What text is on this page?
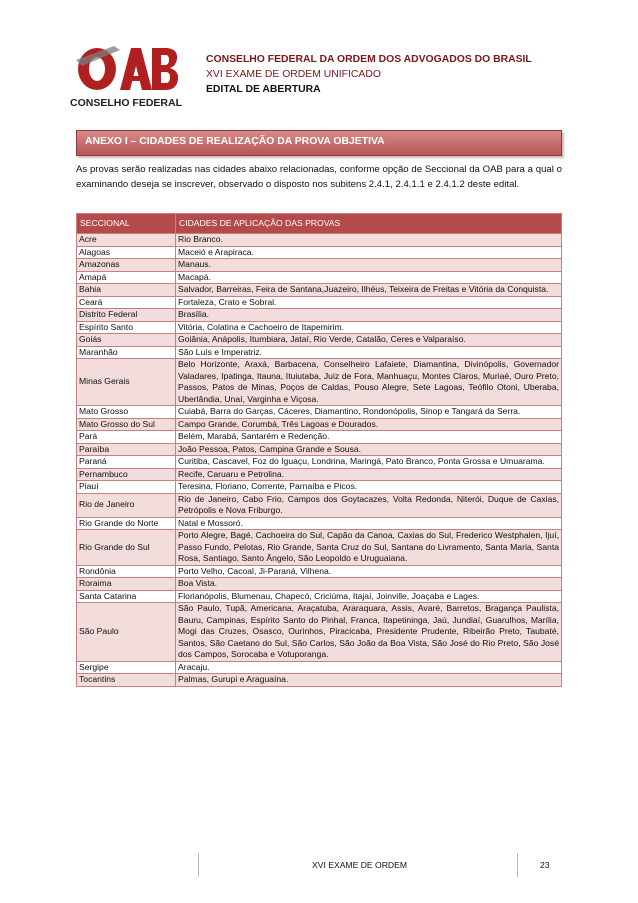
CONSELHO FEDERAL
CONSELHO FEDERAL DA ORDEM DOS ADVOGADOS DO BRASIL
XVI EXAME DE ORDEM UNIFICADO
EDITAL DE ABERTURA
ANEXO I – CIDADES DE REALIZAÇÃO DA PROVA OBJETIVA
As provas serão realizadas nas cidades abaixo relacionadas, conforme opção de Seccional da OAB para a qual o examinando deseja se inscrever, observado o disposto nos subitens 2.4.1, 2.4.1.1 e 2.4.1.2 deste edital.
SECCIONAL	CIDADES DE APLICAÇÃO DAS PROVAS
Acre	Rio Branco.
Alagoas	Maceió e Arapiraca.
Amazonas	Manaus.
Amapá	Macapá.
Bahia	Salvador, Barreiras, Feira de Santana,Juazeiro, Ilhéus, Teixeira de Freitas e Vitória da Conquista.
Ceará	Fortaleza, Crato e Sobral.
Distrito Federal	Brasília.
Espírito Santo	Vitória, Colatina e Cachoeiro de Itapemirim.
Goiás	Goiânia, Anápolis, Itumbiara, Jataí, Rio Verde, Catalão, Ceres e Valparaíso.
Maranhão	São Luís e Imperatriz.
Minas Gerais	Belo Horizonte, Araxá, Barbacena, Conselheiro Lafaiete, Diamantina, Divinópolis, Governador Valadares, Ipatinga, Itauna, Ituiutaba, Juiz de Fora, Manhuaçu, Montes Claros, Muriaé, Ouro Preto, Passos, Patos de Minas, Poços de Caldas, Pouso Alegre, Sete Lagoas, Teófilo Otoni, Uberaba, Uberlândia, Unaí, Varginha e Viçosa.
Mato Grosso	Cuiabá, Barra do Garças, Cáceres, Diamantino, Rondonópolis, Sinop e Tangará da Serra.
Mato Grosso do Sul	Campo Grande, Corumbá, Três Lagoas e Dourados.
Pará	Belém, Marabá, Santarém e Redenção.
Paraíba	João Pessoa, Patos, Campina Grande e Sousa.
Paraná	Curitiba, Cascavel, Foz do Iguaçu, Londrina, Maringá, Pato Branco, Ponta Grossa e Umuarama.
Pernambuco	Recife, Caruaru e Petrolina.
Piauí	Teresina, Floriano, Corrente, Parnaíba e Picos.
Rio de Janeiro	Rio de Janeiro, Cabo Frio, Campos dos Goytacazes, Volta Redonda, Niterói, Duque de Caxias, Petrópolis e Nova Friburgo.
Rio Grande do Norte	Natal e Mossoró.
Rio Grande do Sul	Porto Alegre, Bagé, Cachoeira do Sul, Capão da Canoa, Caxias do Sul, Frederico Westphalen, Ijuí, Passo Fundo, Pelotas, Rio Grande, Santa Cruz do Sul, Santana do Livramento, Santa Maria, Santa Rosa, Santiago, Santo Ângelo, São Leopoldo e Uruguaiana.
Rondônia	Porto Velho, Cacoal, Ji-Paraná, Vilhena.
Roraima	Boa Vista.
Santa Catarina	Florianópolis, Blumenau, Chapecó, Criciúma, Itajaí, Joinville, Joaçaba e Lages.
São Paulo	São Paulo, Tupã, Americana, Araçatuba, Araraquara, Assis, Avaré, Barretos, Bragança Paulista, Bauru, Campinas, Espírito Santo do Pinhal, Franca, Itapetininga, Jaú, Jundiaí, Guarulhos, Marília, Mogi das Cruzes, Osasco, Ourinhos, Piracicaba, Presidente Prudente, Ribeirão Preto, Taubaté, Santos, São Caetano do Sul, São Carlos, São João da Boa Vista, São José do Rio Preto, São José dos Campos, Sorocaba e Votuporanga.
Sergipe	Aracaju.
Tocantins	Palmas, Gurupi e Araguaína.
XVI EXAME DE ORDEM	23
